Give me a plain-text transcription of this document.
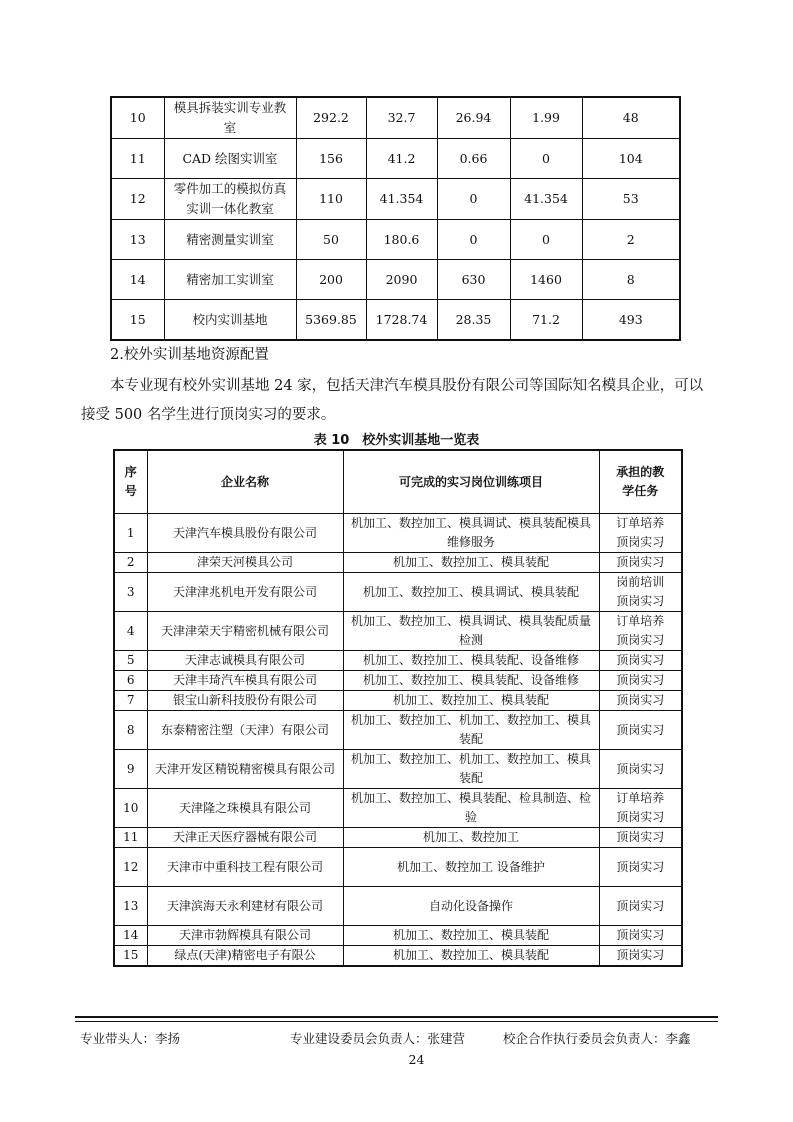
10	模具拆装实训专业教室	292.2	32.7	26.94	1.99	48
11	CAD 绘图实训室	156	41.2	0.66	0	104
12	零件加工的模拟仿真实训一体化教室	110	41.354	0	41.354	53
13	精密测量实训室	50	180.6	0	0	2
14	精密加工实训室	200	2090	630	1460	8
15	校内实训基地	5369.85	1728.74	28.35	71.2	493
2.校外实训基地资源配置
本专业现有校外实训基地 24 家，包括天津汽车模具股份有限公司等国际知名模具企业，可以接受 500 名学生进行顶岗实习的要求。
表 10　校外实训基地一览表
序号	企业名称	可完成的实习岗位训练项目	承担的教学任务

1	天津汽车模具股份有限公司	机加工、数控加工、模具调试、模具装配模具维修服务	订单培养顶岗实习

2	津荣天河模具公司	机加工、数控加工、模具装配	顶岗实习

3	天津津兆机电开发有限公司	机加工、数控加工、模具调试、模具装配	岗前培训顶岗实习

4	天津津荣天宇精密机械有限公司	机加工、数控加工、模具调试、模具装配质量检测	订单培养顶岗实习

5	天津志诚模具有限公司	机加工、数控加工、模具装配、设备维修	顶岗实习

6	天津丰琦汽车模具有限公司	机加工、数控加工、模具装配、设备维修	顶岗实习

7	银宝山新科技股份有限公司	机加工、数控加工、模具装配	顶岗实习

8	东泰精密注塑（天津）有限公司	机加工、数控加工、机加工、数控加工、模具装配	顶岗实习

9	天津开发区精锐精密模具有限公司	机加工、数控加工、机加工、数控加工、模具装配	顶岗实习

10	天津隆之珠模具有限公司	机加工、数控加工、模具装配、检具制造、检验	订单培养顶岗实习

11	天津正天医疗器械有限公司	机加工、数控加工	顶岗实习

12	天津市中重科技工程有限公司	机加工、数控加工 设备维护	顶岗实习

13	天津滨海天永利建材有限公司	自动化设备操作	顶岗实习

14	天津市勃辉模具有限公司	机加工、数控加工、模具装配	顶岗实习

15	绿点(天津)精密电子有限公	机加工、数控加工、模具装配	顶岗实习
专业带头人：李扬	专业建设委员会负责人：张建营	校企合作执行委员会负责人：李鑫
24
